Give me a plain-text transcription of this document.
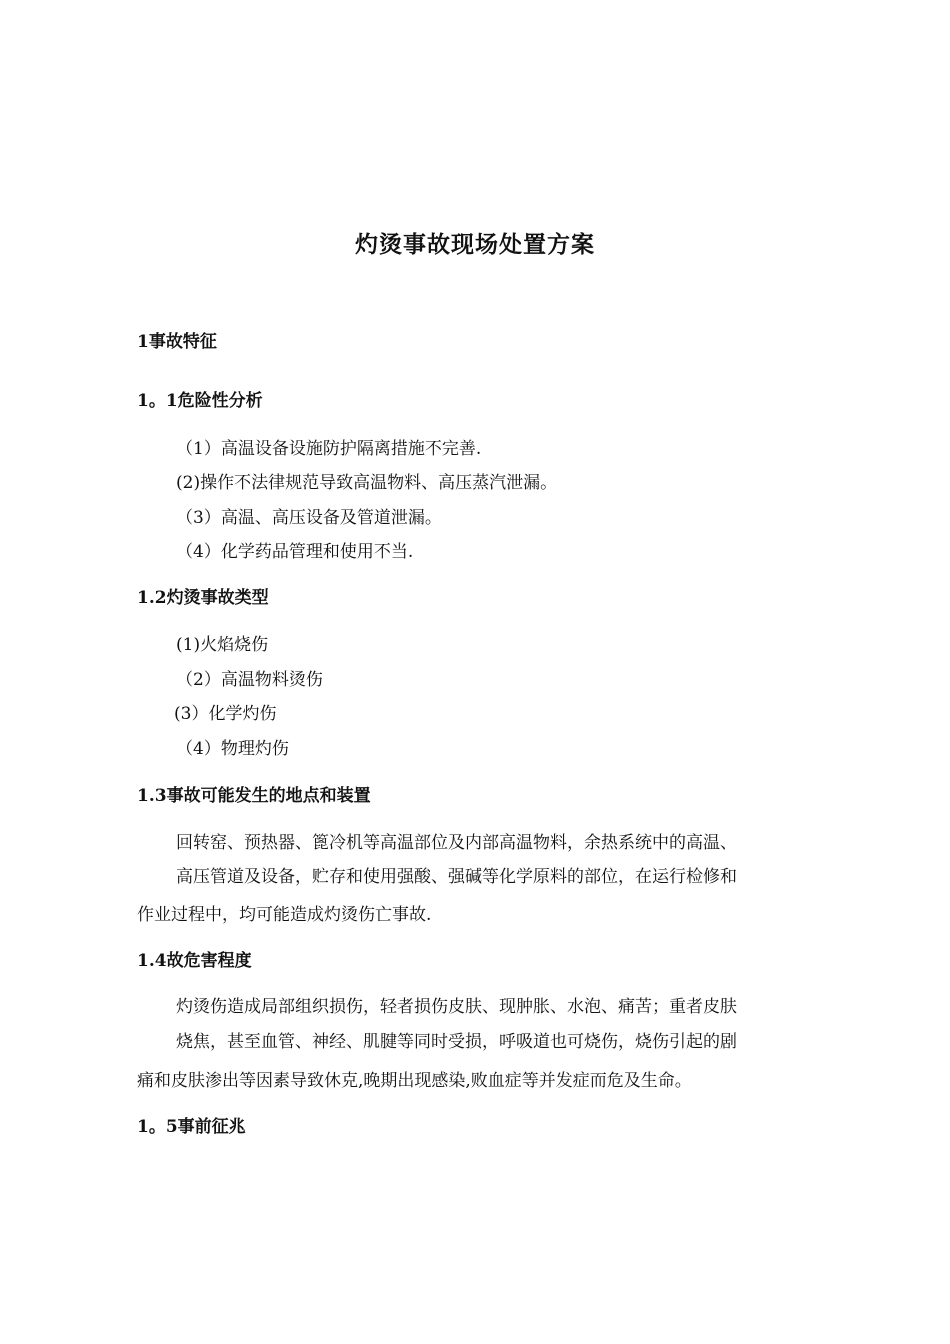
灼烫事故现场处置方案
1事故特征
1。1危险性分析

（1）高温设备设施防护隔离措施不完善.

(2)操作不法律规范导致高温物料、高压蒸汽泄漏。

（3）高温、高压设备及管道泄漏。

（4）化学药品管理和使用不当.

1.2灼烫事故类型

(1)火焰烧伤

（2）高温物料烫伤

(3）化学灼伤

（4）物理灼伤

1.3事故可能发生的地点和装置

回转窑、预热器、篦冷机等高温部位及内部高温物料，余热系统中的高温、

高压管道及设备，贮存和使用强酸、强碱等化学原料的部位，在运行检修和

作业过程中，均可能造成灼烫伤亡事故.

1.4故危害程度

灼烫伤造成局部组织损伤，轻者损伤皮肤、现肿胀、水泡、痛苦；重者皮肤

烧焦，甚至血管、神经、肌腱等同时受损，呼吸道也可烧伤，烧伤引起的剧

痛和皮肤渗出等因素导致休克,晚期出现感染,败血症等并发症而危及生命。

1。5事前征兆
